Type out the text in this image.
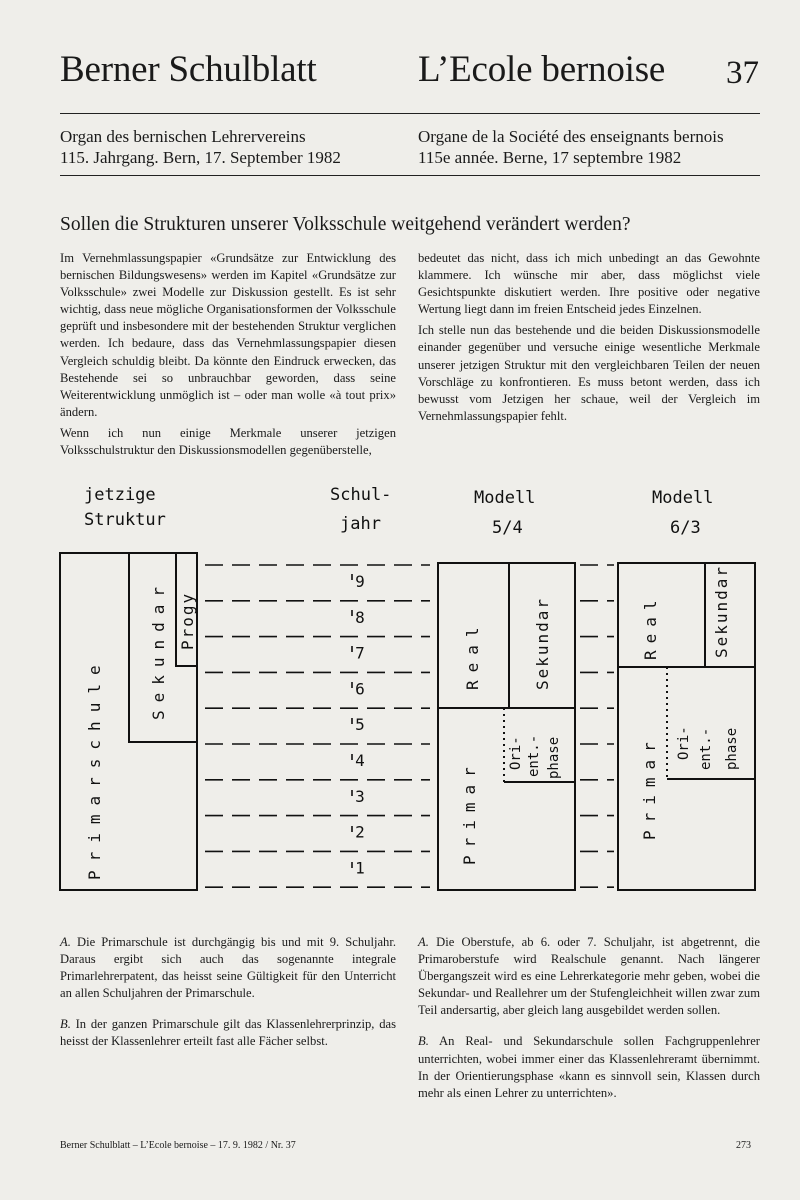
Berner Schulblatt	L’Ecole bernoise 37
Organ des bernischen Lehrervereins
115. Jahrgang. Bern, 17. September 1982
Organe de la Société des enseignants bernois
115e année. Berne, 17 septembre 1982
Sollen die Strukturen unserer Volksschule weitgehend verändert werden?

Im Vernehmlassungspapier «Grundsätze zur Entwicklung des bernischen Bildungswesens» werden im Kapitel «Grundsätze zur Volksschule» zwei Modelle zur Diskussion gestellt. Es ist sehr wichtig, dass neue mögliche Organisationsformen der Volksschule geprüft und insbesondere mit der bestehenden Struktur verglichen werden. Ich bedaure, dass das Vernehmlassungspapier diesen Vergleich schuldig bleibt. Da könnte den Eindruck erwecken, das Bestehende sei so unbrauchbar geworden, dass seine Weiterentwicklung unmöglich ist – oder man wolle «à tout prix» ändern.

Wenn ich nun einige Merkmale unserer jetzigen Volksschulstruktur den Diskussionsmodellen gegenüberstelle,

bedeutet das nicht, dass ich mich unbedingt an das Gewohnte klammere. Ich wünsche mir aber, dass möglichst viele Gesichtspunkte diskutiert werden. Ihre positive oder negative Wertung liegt dann im freien Entscheid jedes Einzelnen.

Ich stelle nun das bestehende und die beiden Diskussionsmodelle einander gegenüber und versuche einige wesentliche Merkmale unserer jetzigen Struktur mit den vergleichbaren Teilen der neuen Vorschläge zu konfrontieren. Es muss betont werden, dass ich bewusst vom Jetzigen her schaue, weil der Vergleich im Vernehmlassungspapier fehlt.

jetzige
Struktur
Schul-
jahr
Modell
5/4
Modell
6/3
9
8
7
6
5
4
3
2
1
Primarschule
Sekundar Progy	Real	Sekundar
Primar
Ori- ent.- phase
Real	Sekundar
Primar Ori- ent.- phase

A. Die Primarschule ist durchgängig bis und mit 9. Schuljahr. Daraus ergibt sich auch das sogenannte integrale Primarlehrerpatent, das heisst seine Gültigkeit für den Unterricht an allen Schuljahren der Primarschule.

B. In der ganzen Primarschule gilt das Klassenlehrerprinzip, das heisst der Klassenlehrer erteilt fast alle Fächer selbst.

A. Die Oberstufe, ab 6. oder 7. Schuljahr, ist abgetrennt, die Primaroberstufe wird Realschule genannt. Nach längerer Übergangszeit wird es eine Lehrerkategorie mehr geben, wobei die Sekundar- und Reallehrer um der Stufengleichheit willen zwar zum Teil andersartig, aber gleich lang ausgebildet werden sollen.

B. An Real- und Sekundarschule sollen Fachgruppenlehrer unterrichten, wobei immer einer das Klassenlehreramt übernimmt. In der Orientierungsphase «kann es sinnvoll sein, Klassen durch mehr als einen Lehrer zu unterrichten».

Berner Schulblatt – L’Ecole bernoise – 17. 9. 1982 / Nr. 37	273
